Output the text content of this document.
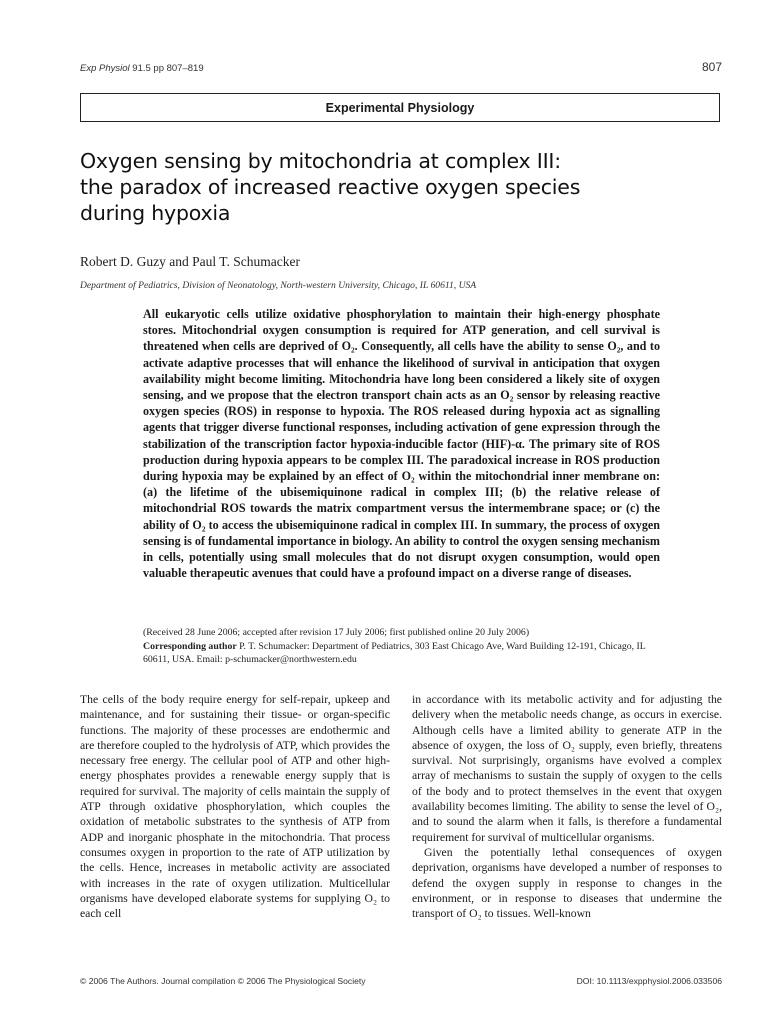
Exp Physiol 91.5 pp 807–819	807
Experimental Physiology
Oxygen sensing by mitochondria at complex III:
the paradox of increased reactive oxygen species
during hypoxia
Robert D. Guzy and Paul T. Schumacker
Department of Pediatrics, Division of Neonatology, North-western University, Chicago, IL 60611, USA

All eukaryotic cells utilize oxidative phosphorylation to maintain their high-energy phosphate stores. Mitochondrial oxygen consumption is required for ATP generation, and cell survival is threatened when cells are deprived of O₂. Consequently, all cells have the ability to sense O₂, and to activate adaptive processes that will enhance the likelihood of survival in anticipation that oxygen availability might become limiting. Mitochondria have long been considered a likely site of oxygen sensing, and we propose that the electron transport chain acts as an O₂ sensor by releasing reactive oxygen species (ROS) in response to hypoxia. The ROS released during hypoxia act as signalling agents that trigger diverse functional responses, including activation of gene expression through the stabilization of the transcription factor hypoxia-inducible factor (HIF)-α. The primary site of ROS production during hypoxia appears to be complex III. The paradoxical increase in ROS production during hypoxia may be explained by an effect of O₂ within the mitochondrial inner membrane on: (a) the lifetime of the ubisemiquinone radical in complex III; (b) the relative release of mitochondrial ROS towards the matrix compartment versus the intermembrane space; or (c) the ability of O₂ to access the ubisemiquinone radical in complex III. In summary, the process of oxygen sensing is of fundamental importance in biology. An ability to control the oxygen sensing mechanism in cells, potentially using small molecules that do not disrupt oxygen consumption, would open valuable therapeutic avenues that could have a profound impact on a diverse range of diseases.

(Received 28 June 2006; accepted after revision 17 July 2006; first published online 20 July 2006)
Corresponding author P. T. Schumacker: Department of Pediatrics, 303 East Chicago Ave, Ward Building 12-191, Chicago, IL 60611, USA. Email: p-schumacker@northwestern.edu

The cells of the body require energy for self-repair, upkeep and maintenance, and for sustaining their tissue- or organ-specific functions. The majority of these processes are endothermic and are therefore coupled to the hydrolysis of ATP, which provides the necessary free energy. The cellular pool of ATP and other high-energy phosphates provides a renewable energy supply that is required for survival. The majority of cells maintain the supply of ATP through oxidative phosphorylation, which couples the oxidation of metabolic substrates to the synthesis of ATP from ADP and inorganic phosphate in the mitochondria. That process consumes oxygen in proportion to the rate of ATP utilization by the cells. Hence, increases in metabolic activity are associated with increases in the rate of oxygen utilization. Multicellular organisms have developed elaborate systems for supplying O₂ to each cell

in accordance with its metabolic activity and for adjusting the delivery when the metabolic needs change, as occurs in exercise. Although cells have a limited ability to generate ATP in the absence of oxygen, the loss of O₂ supply, even briefly, threatens survival. Not surprisingly, organisms have evolved a complex array of mechanisms to sustain the supply of oxygen to the cells of the body and to protect themselves in the event that oxygen availability becomes limiting. The ability to sense the level of O₂, and to sound the alarm when it falls, is therefore a fundamental requirement for survival of multicellular organisms.

Given the potentially lethal consequences of oxygen deprivation, organisms have developed a number of responses to defend the oxygen supply in response to changes in the environment, or in response to diseases that undermine the transport of O₂ to tissues. Well-known

© 2006 The Authors. Journal compilation © 2006 The Physiological Society	DOI: 10.1113/expphysiol.2006.033506
